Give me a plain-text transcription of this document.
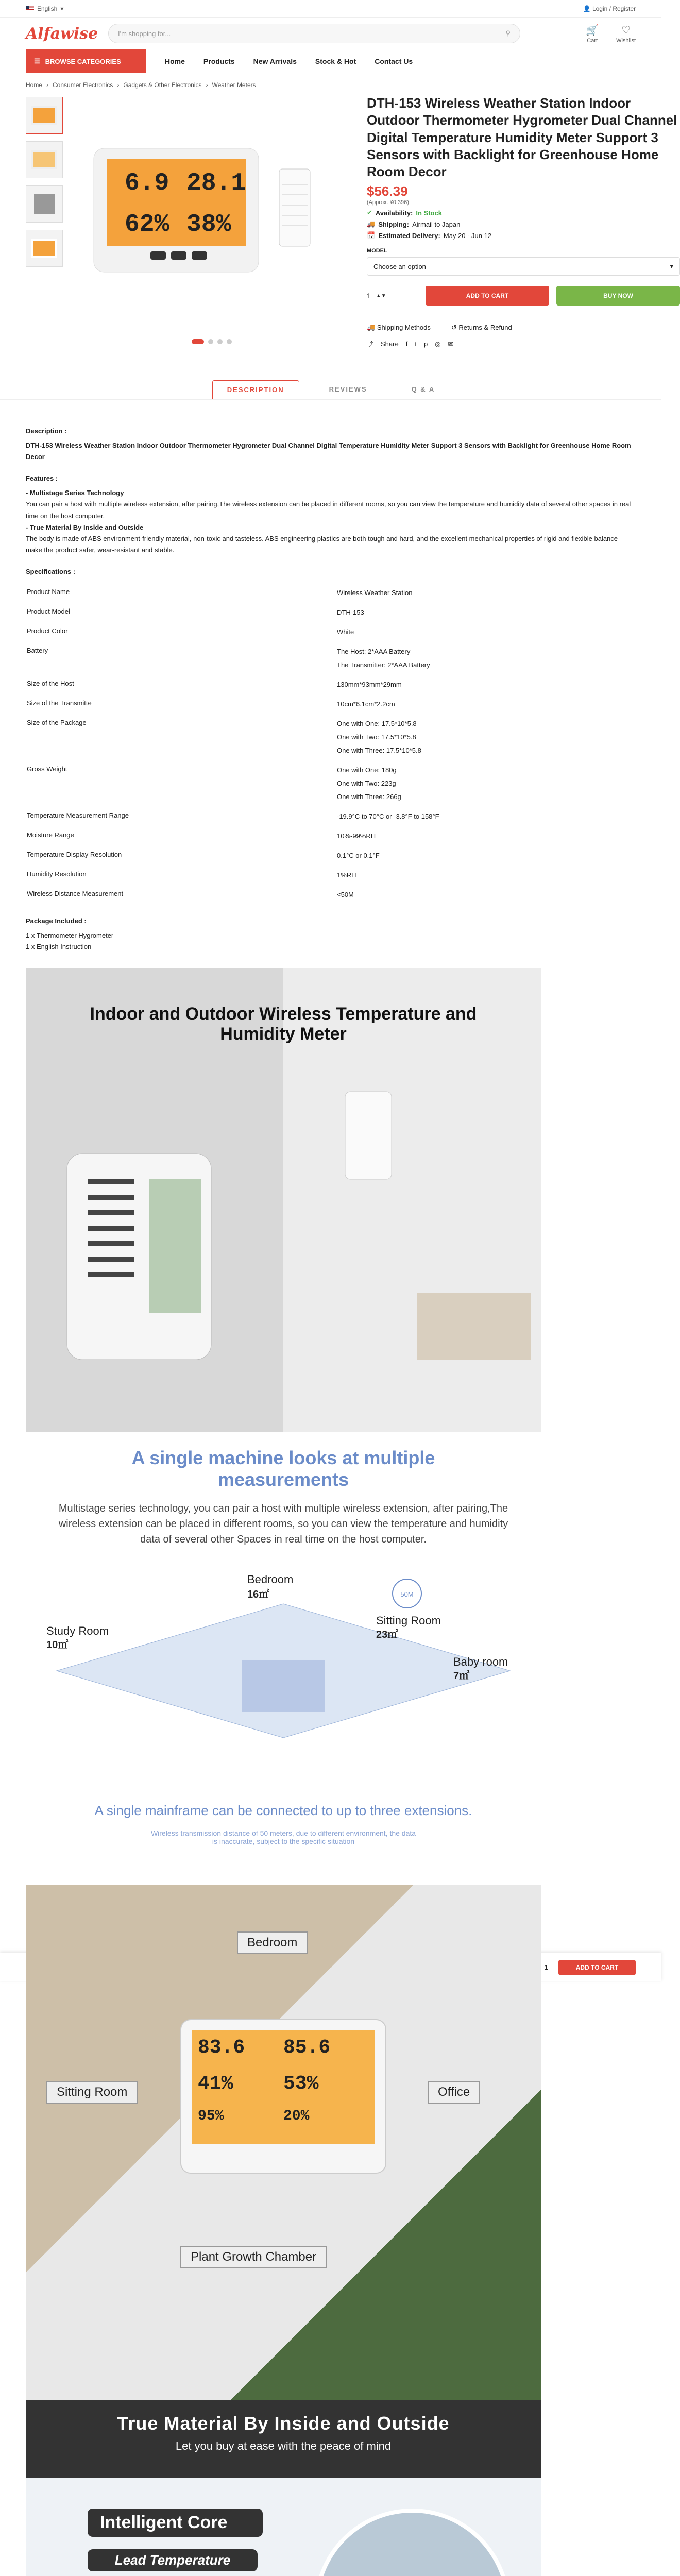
English ▾	👤 Login / Register
Alfawise	I'm shopping for...	⚲	🛒
Cart
♡
Wishlist
☰ BROWSE CATEGORIES	Home	Products	New Arrivals	Stock & Hot	Contact Us
Home › Consumer Electronics › Gadgets & Other Electronics › Weather Meters
6.9 28.1
62% 38%
DTH-153 Wireless Weather Station Indoor Outdoor Thermometer Hygrometer Dual Channel Digital Temperature Humidity Meter Support 3 Sensors with Backlight for Greenhouse Home Room Decor
$56.39
(Approx. ¥0,396)
✔ Availability: In Stock
🚚 Shipping: Airmail to Japan
📅 Estimated Delivery: May 20 - Jun 12
MODEL
Choose an option	▾
1 ▲▼	ADD TO CART	BUY NOW
🚚 Shipping Methods	↺ Returns & Refund
⤴ Share f t p ◎ ✉
DESCRIPTION	REVIEWS	Q & A
Description :

DTH-153 Wireless Weather Station Indoor Outdoor Thermometer Hygrometer Dual Channel Digital Temperature Humidity Meter Support 3 Sensors with Backlight for Greenhouse Home Room Decor

Features :

- Multistage Series Technology

You can pair a host with multiple wireless extension, after pairing,The wireless extension can be placed in different rooms, so you can view the temperature and humidity data of several other spaces in real time on the host computer.

- True Material By Inside and Outside

The body is made of ABS environment-friendly material, non-toxic and tasteless. ABS engineering plastics are both tough and hard, and the excellent mechanical properties of rigid and flexible balance make the product safer, wear-resistant and stable.

Specifications :
Product Name	Wireless Weather Station
Product Model	DTH-153
Product Color	White
Battery	The Host: 2*AAA Battery
The Transmitter: 2*AAA Battery
Size of the Host	130mm*93mm*29mm
Size of the Transmitte	10cm*6.1cm*2.2cm
Size of the Package	One with One: 17.5*10*5.8
One with Two: 17.5*10*5.8
One with Three: 17.5*10*5.8
Gross Weight	One with One: 180g
One with Two: 223g
One with Three: 266g
Temperature Measurement Range	-19.9°C to 70°C or -3.8°F to 158°F
Moisture Range	10%-99%RH
Temperature Display Resolution	0.1°C or 0.1°F
Humidity Resolution	1%RH
Wireless Distance Measurement	<50M
Package Included :

1 x Thermometer Hygrometer

1 x English Instruction

Indoor and Outdoor Wireless Temperature and Humidity Meter
A single machine looks at multiple measurements

Multistage series technology, you can pair a host with multiple wireless extension, after pairing,The wireless extension can be placed in different rooms, so you can view the temperature and humidity data of several other Spaces in real time on the host computer.

50M
Bedroom
16㎡
Study Room
10㎡
Sitting Room
23㎡
Baby room
7㎡
1	ADD TO CART
A single mainframe can be connected to up to three extensions.

Wireless transmission distance of 50 meters, due to different environment, the data is inaccurate, subject to the specific situation

83.6	85.6
41%	53%
95%	20%
Bedroom
Sitting Room	Office
Plant Growth Chamber
True Material By Inside and Outside
Let you buy at ease with the peace of mind
Intelligent Core
Lead Temperature
